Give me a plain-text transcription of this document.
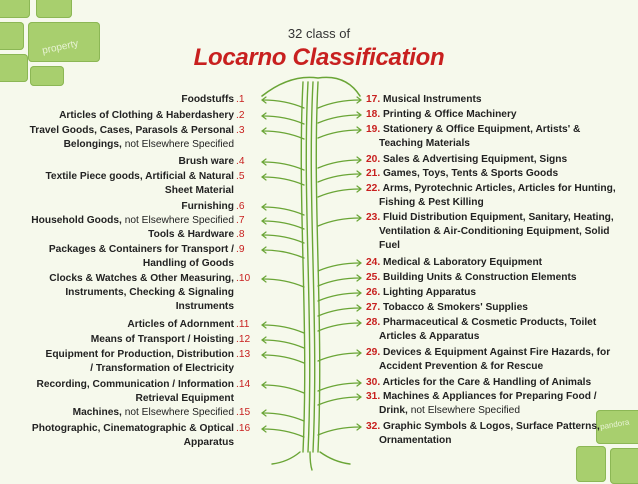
property
pandora
32 class of
Locarno Classification
Foodstuffs .1
Articles of Clothing & Haberdashery .2
Travel Goods, Cases, Parasols & Personal
Belongings, not Elsewhere Specified
.3
Brush ware .4
Textile Piece goods, Artificial & Natural
Sheet Material
.5
Furnishing .6
Household Goods, not Elsewhere Specified .7
Tools & Hardware .8
Packages & Containers for Transport /
Handling of Goods
.9
Clocks & Watches & Other Measuring,
Instruments, Checking & Signaling
Instruments
.10
Articles of Adornment .11
Means of Transport / Hoisting .12
Equipment for Production, Distribution
/ Transformation of Electricity
.13
Recording, Communication / Information
Retrieval Equipment
.14
Machines, not Elsewhere Specified .15
Photographic, Cinematographic & Optical
Apparatus
.16
17. Musical Instruments
18. Printing & Office Machinery
19. Stationery & Office Equipment, Artists' &
Teaching Materials
20. Sales & Advertising Equipment, Signs
21. Games, Toys, Tents & Sports Goods
22. Arms, Pyrotechnic Articles, Articles for Hunting,
Fishing & Pest Killing
23. Fluid Distribution Equipment, Sanitary, Heating,
Ventilation & Air-Conditioning Equipment, Solid
Fuel
24. Medical & Laboratory Equipment
25. Building Units & Construction Elements
26. Lighting Apparatus
27. Tobacco & Smokers' Supplies
28. Pharmaceutical & Cosmetic Products, Toilet
Articles & Apparatus
29. Devices & Equipment Against Fire Hazards, for
Accident Prevention & for Rescue
30. Articles for the Care & Handling of Animals
31. Machines & Appliances for Preparing Food /
Drink, not Elsewhere Specified
32. Graphic Symbols & Logos, Surface Patterns,
Ornamentation
